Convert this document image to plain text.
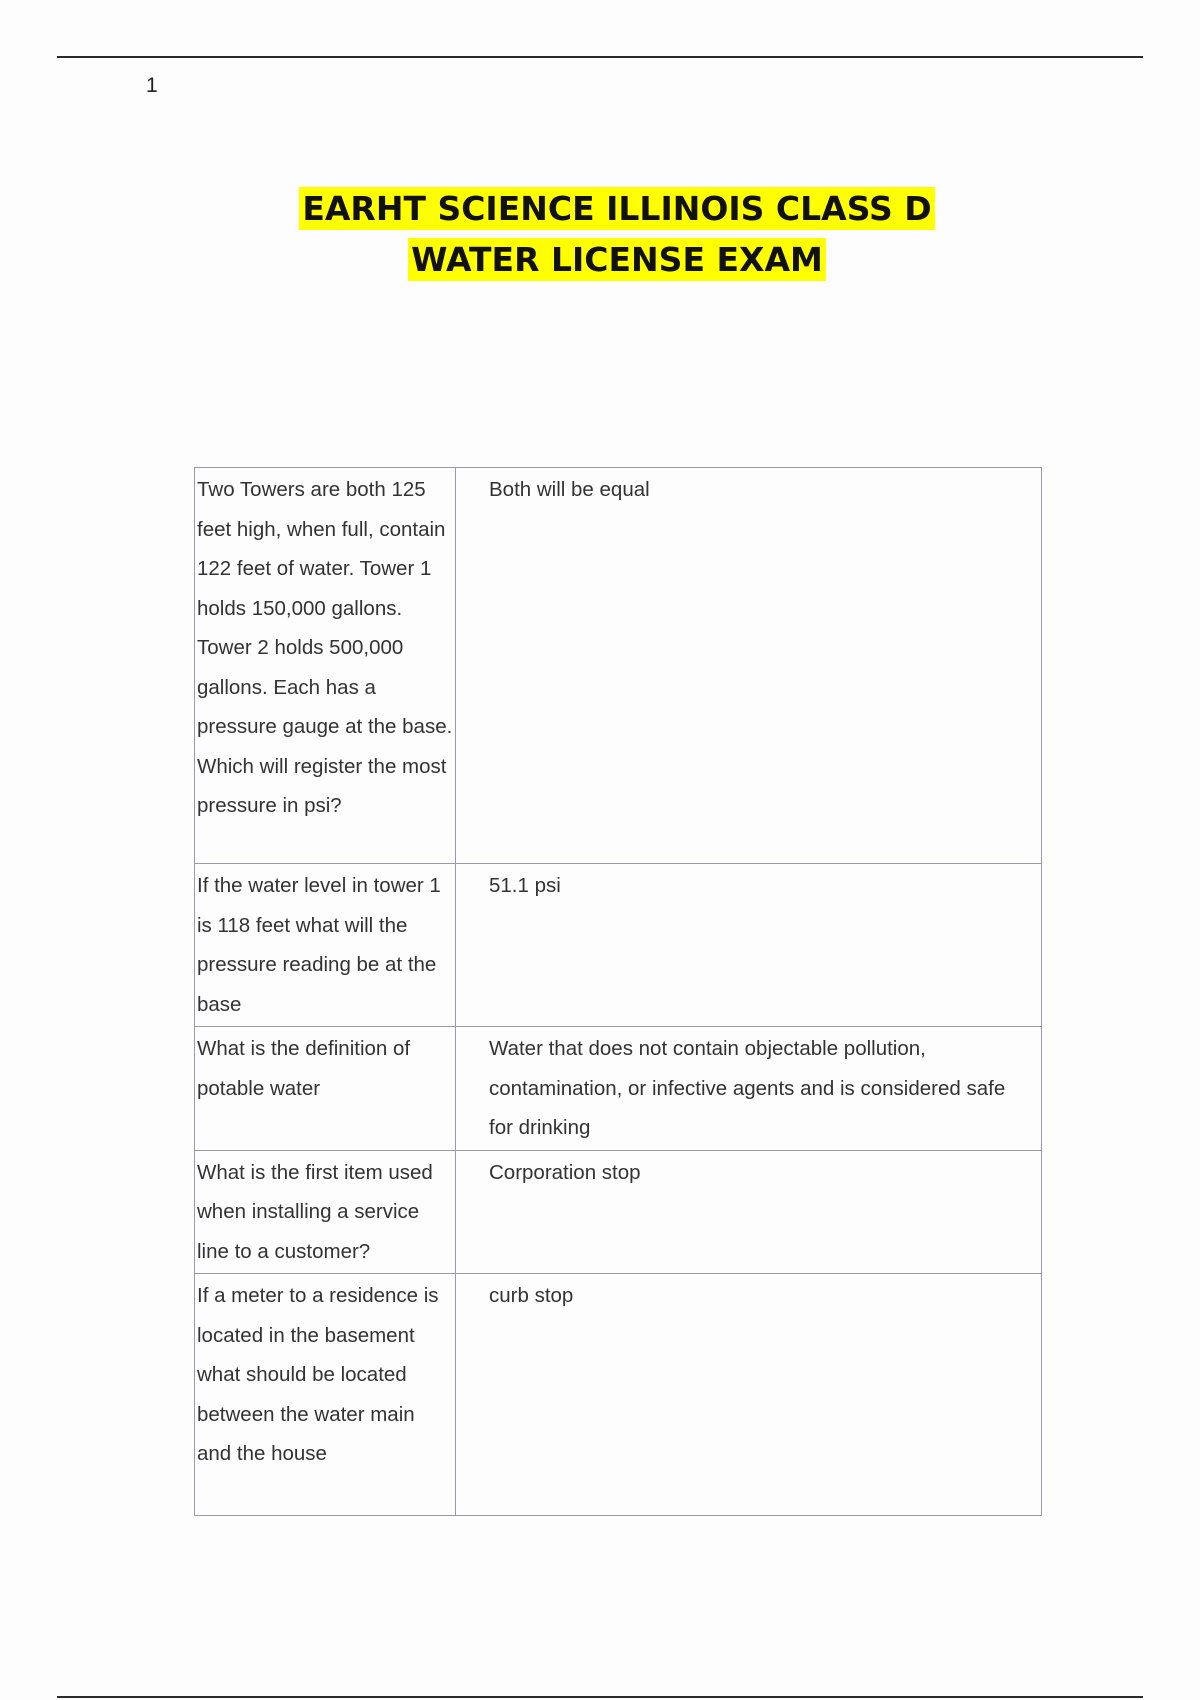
1
EARHT SCIENCE ILLINOIS CLASS D
WATER LICENSE EXAM
Two Towers are both 125 feet high, when full, contain 122 feet of water. Tower 1 holds 150,000 gallons. Tower 2 holds 500,000 gallons. Each has a pressure gauge at the base. Which will register the most pressure in psi?	Both will be equal
If the water level in tower 1 is 118 feet what will the pressure reading be at the base	51.1 psi
What is the definition of potable water	Water that does not contain objectable pollution, contamination, or infective agents and is considered safe for drinking
What is the first item used when installing a service line to a customer?	Corporation stop
If a meter to a residence is located in the basement what should be located between the water main and the house	curb stop
